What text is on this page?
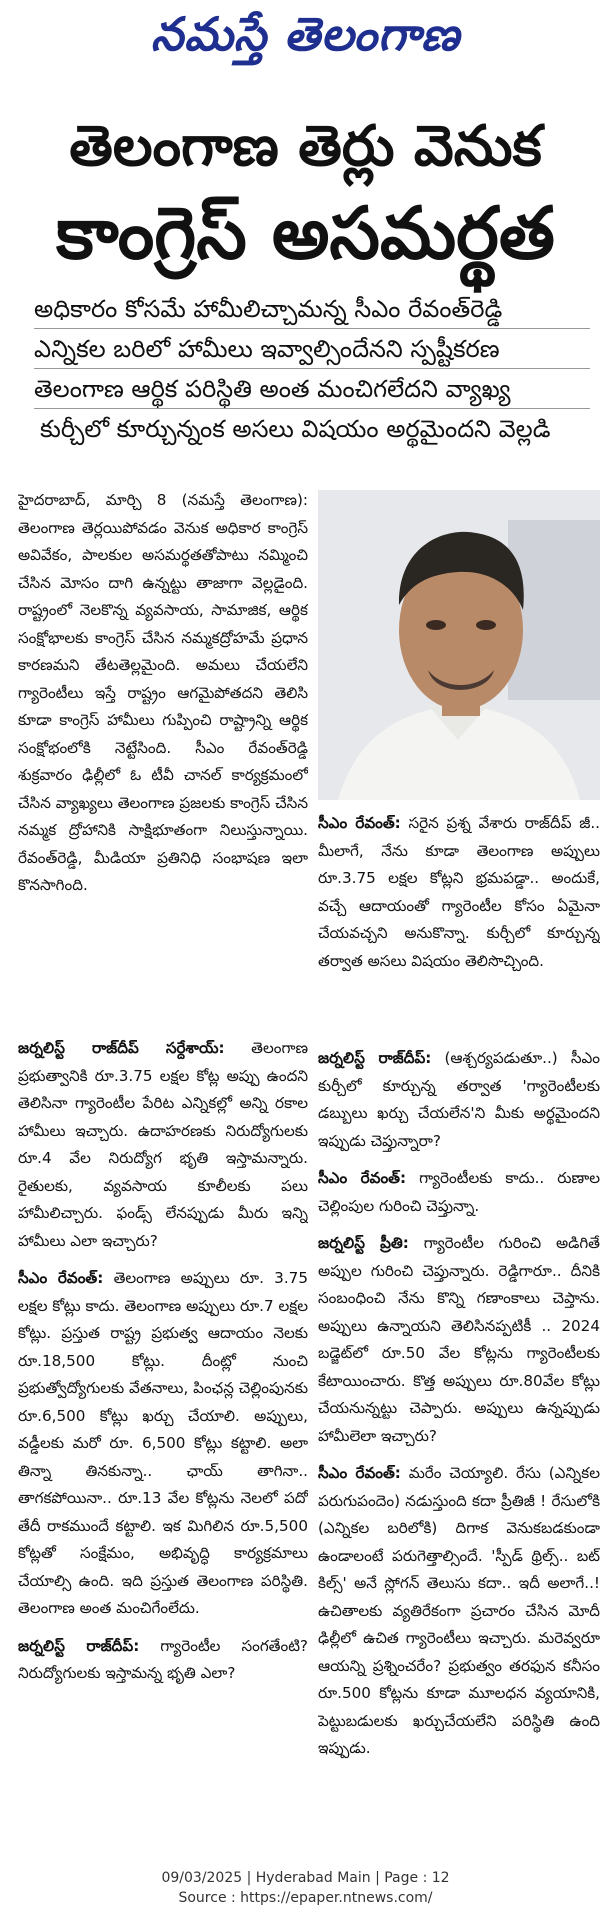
నమస్తే తెలంగాణ
తెలంగాణ తెర్లు వెనుక
కాంగ్రెస్ అసమర్థత
అధికారం కోసమే హామీలిచ్చామన్న సీఎం రేవంత్‌రెడ్డి
ఎన్నికల బరిలో హామీలు ఇవ్వాల్సిందేనని స్పష్టీకరణ
తెలంగాణ ఆర్థిక పరిస్థితి అంత మంచిగలేదని వ్యాఖ్య
కుర్చీలో కూర్చున్నంక అసలు విషయం అర్థమైందని వెల్లడి

హైదరాబాద్, మార్చి 8 (నమస్తే తెలంగాణ): తెలంగాణ తెర్లయిపోవడం వెనుక అధికార కాంగ్రెస్ అవివేకం, పాలకుల అసమర్థతతోపాటు నమ్మించి చేసిన మోసం దాగి ఉన్నట్టు తాజాగా వెల్లడైంది. రాష్ట్రంలో నెలకొన్న వ్యవసాయ, సామాజిక, ఆర్థిక సంక్షోభాలకు కాంగ్రెస్ చేసిన నమ్మకద్రోహమే ప్రధాన కారణమని తేటతెల్లమైంది. అమలు చేయలేని గ్యారెంటీలు ఇస్తే రాష్ట్రం ఆగమైపోతదని తెలిసి కూడా కాంగ్రెస్ హామీలు గుప్పించి రాష్ట్రాన్ని ఆర్థిక సంక్షోభంలోకి నెట్టేసింది. సీఎం రేవంత్‌రెడ్డి శుక్రవారం ఢిల్లీలో ఓ టీవీ చానల్ కార్యక్రమంలో చేసిన వ్యాఖ్యలు తెలంగాణ ప్రజలకు కాంగ్రెస్ చేసిన నమ్మక ద్రోహానికి సాక్షిభూతంగా నిలుస్తున్నాయి. రేవంత్‌రెడ్డి, మీడియా ప్రతినిధి సంభాషణ ఇలా కొనసాగింది.

సీఎం రేవంత్: సరైన ప్రశ్న వేశారు రాజ్‌దీప్ జీ.. మీలాగే, నేను కూడా తెలంగాణ అప్పులు రూ.3.75 లక్షల కోట్లని భ్రమపడ్డా.. అందుకే, వచ్చే ఆదాయంతో గ్యారెంటీల కోసం ఏమైనా చేయవచ్చని అనుకొన్నా. కుర్చీలో కూర్చున్న తర్వాత అసలు విషయం తెలిసొచ్చింది.

జర్నలిస్ట్ రాజ్‌దీప్ సర్దేశాయ్: తెలంగాణ ప్రభుత్వానికి రూ.3.75 లక్షల కోట్ల అప్పు ఉందని తెలిసినా గ్యారెంటీల పేరిట ఎన్నికల్లో అన్ని రకాల హామీలు ఇచ్చారు. ఉదాహరణకు నిరుద్యోగులకు రూ.4 వేల నిరుద్యోగ భృతి ఇస్తామన్నారు. రైతులకు, వ్యవసాయ కూలీలకు పలు హామీలిచ్చారు. ఫండ్స్ లేనప్పుడు మీరు ఇన్ని హామీలు ఎలా ఇచ్చారు?

సీఎం రేవంత్: తెలంగాణ అప్పులు రూ. 3.75 లక్షల కోట్లు కాదు. తెలంగాణ అప్పులు రూ.7 లక్షల కోట్లు. ప్రస్తుత రాష్ట్ర ప్రభుత్వ ఆదాయం నెలకు రూ.18,500 కోట్లు. దీంట్లో నుంచి ప్రభుత్వోద్యోగులకు వేతనాలు, పింఛన్ల చెల్లింపునకు రూ.6,500 కోట్లు ఖర్చు చేయాలి. అప్పులు, వడ్డీలకు మరో రూ. 6,500 కోట్లు కట్టాలి. అలా తిన్నా తినకున్నా.. ఛాయ్ తాగినా.. తాగకపోయినా.. రూ.13 వేల కోట్లను నెలలో పదో తేదీ రాకముందే కట్టాలి. ఇక మిగిలిన రూ.5,500 కోట్లతో సంక్షేమం, అభివృద్ధి కార్యక్రమాలు చేయాల్సి ఉంది. ఇది ప్రస్తుత తెలంగాణ పరిస్థితి. తెలంగాణ అంత మంచిగేంలేదు.

జర్నలిస్ట్ రాజ్‌దీప్: గ్యారెంటీల సంగతేంటి? నిరుద్యోగులకు ఇస్తామన్న భృతి ఎలా?

జర్నలిస్ట్ రాజ్‌దీప్: (ఆశ్చర్యపడుతూ..) సీఎం కుర్చీలో కూర్చున్న తర్వాత 'గ్యారెంటీలకు డబ్బులు ఖర్చు చేయలేన'ని మీకు అర్థమైందని ఇప్పుడు చెప్తున్నారా?

సీఎం రేవంత్: గ్యారెంటీలకు కాదు.. రుణాల చెల్లింపుల గురించి చెప్తున్నా.

జర్నలిస్ట్ ప్రీతి: గ్యారెంటీల గురించి అడిగితే అప్పుల గురించి చెప్తున్నారు. రెడ్డిగారూ.. దీనికి సంబంధించి నేను కొన్ని గణాంకాలు చెప్తాను. అప్పులు ఉన్నాయని తెలిసినప్పటికీ .. 2024 బడ్జెట్‌లో రూ.50 వేల కోట్లను గ్యారెంటీలకు కేటాయించారు. కొత్త అప్పులు రూ.80వేల కోట్లు చేయనున్నట్టు చెప్పారు. అప్పులు ఉన్నప్పుడు హామీలెలా ఇచ్చారు?

సీఎం రేవంత్: మరేం చెయ్యాలి. రేసు (ఎన్నికల పరుగుపందెం) నడుస్తుంది కదా ప్రీతిజీ ! రేసులోకి (ఎన్నికల బరిలోకి) దిగాక వెనుకబడకుండా ఉండాలంటే పరుగెత్తాల్సిందే. 'స్పీడ్ థ్రిల్స్.. బట్ కిల్స్' అనే స్లోగన్ తెలుసు కదా.. ఇదీ అలాగే..! ఉచితాలకు వ్యతిరేకంగా ప్రచారం చేసిన మోదీ ఢిల్లీలో ఉచిత గ్యారెంటీలు ఇచ్చారు. మరెవ్వరూ ఆయన్ని ప్రశ్నించరేం? ప్రభుత్వం తరఫున కనీసం రూ.500 కోట్లను కూడా మూలధన వ్యయానికి, పెట్టుబడులకు ఖర్చుచేయలేని పరిస్థితి ఉంది ఇప్పుడు.

09/03/2025 | Hyderabad Main | Page : 12
Source : https://epaper.ntnews.com/
